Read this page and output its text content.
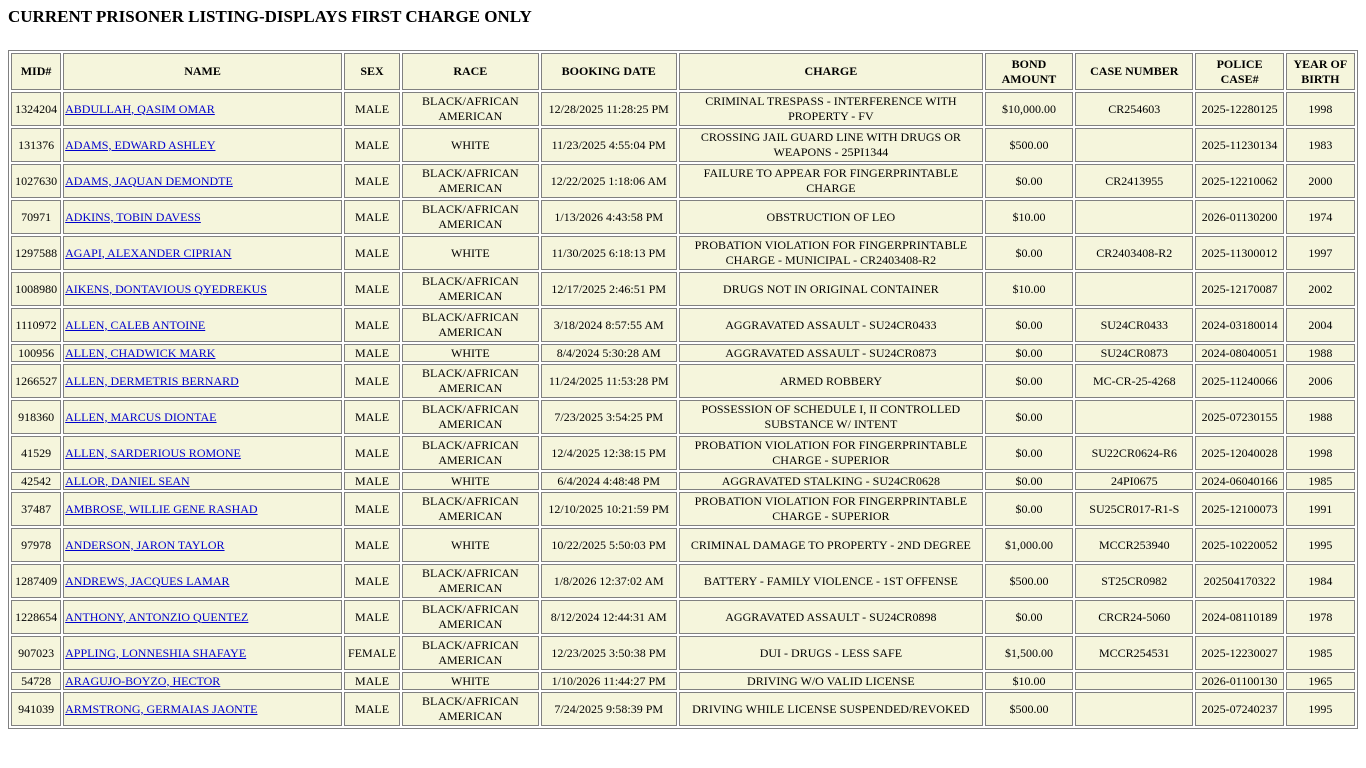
CURRENT PRISONER LISTING-DISPLAYS FIRST CHARGE ONLY
MID#	NAME	SEX	RACE	BOOKING DATE	CHARGE	BOND AMOUNT	CASE NUMBER	POLICE CASE#	YEAR OF BIRTH
1324204	ABDULLAH, QASIM OMAR	MALE	BLACK/AFRICAN AMERICAN	12/28/2025 11:28:25 PM	CRIMINAL TRESPASS - INTERFERENCE WITH PROPERTY - FV	$10,000.00	CR254603	2025-12280125	1998
131376	ADAMS, EDWARD ASHLEY	MALE	WHITE	11/23/2025 4:55:04 PM	CROSSING JAIL GUARD LINE WITH DRUGS OR WEAPONS - 25PI1344	$500.00		2025-11230134	1983
1027630	ADAMS, JAQUAN DEMONDTE	MALE	BLACK/AFRICAN AMERICAN	12/22/2025 1:18:06 AM	FAILURE TO APPEAR FOR FINGERPRINTABLE CHARGE	$0.00	CR2413955	2025-12210062	2000
70971	ADKINS, TOBIN DAVESS	MALE	BLACK/AFRICAN AMERICAN	1/13/2026 4:43:58 PM	OBSTRUCTION OF LEO	$10.00		2026-01130200	1974
1297588	AGAPI, ALEXANDER CIPRIAN	MALE	WHITE	11/30/2025 6:18:13 PM	PROBATION VIOLATION FOR FINGERPRINTABLE CHARGE - MUNICIPAL - CR2403408-R2	$0.00	CR2403408-R2	2025-11300012	1997
1008980	AIKENS, DONTAVIOUS QYEDREKUS	MALE	BLACK/AFRICAN AMERICAN	12/17/2025 2:46:51 PM	DRUGS NOT IN ORIGINAL CONTAINER	$10.00		2025-12170087	2002
1110972	ALLEN, CALEB ANTOINE	MALE	BLACK/AFRICAN AMERICAN	3/18/2024 8:57:55 AM	AGGRAVATED ASSAULT - SU24CR0433	$0.00	SU24CR0433	2024-03180014	2004
100956	ALLEN, CHADWICK MARK	MALE	WHITE	8/4/2024 5:30:28 AM	AGGRAVATED ASSAULT - SU24CR0873	$0.00	SU24CR0873	2024-08040051	1988
1266527	ALLEN, DERMETRIS BERNARD	MALE	BLACK/AFRICAN AMERICAN	11/24/2025 11:53:28 PM	ARMED ROBBERY	$0.00	MC-CR-25-4268	2025-11240066	2006
918360	ALLEN, MARCUS DIONTAE	MALE	BLACK/AFRICAN AMERICAN	7/23/2025 3:54:25 PM	POSSESSION OF SCHEDULE I, II CONTROLLED SUBSTANCE W/ INTENT	$0.00		2025-07230155	1988
41529	ALLEN, SARDERIOUS ROMONE	MALE	BLACK/AFRICAN AMERICAN	12/4/2025 12:38:15 PM	PROBATION VIOLATION FOR FINGERPRINTABLE CHARGE - SUPERIOR	$0.00	SU22CR0624-R6	2025-12040028	1998
42542	ALLOR, DANIEL SEAN	MALE	WHITE	6/4/2024 4:48:48 PM	AGGRAVATED STALKING - SU24CR0628	$0.00	24PI0675	2024-06040166	1985
37487	AMBROSE, WILLIE GENE RASHAD	MALE	BLACK/AFRICAN AMERICAN	12/10/2025 10:21:59 PM	PROBATION VIOLATION FOR FINGERPRINTABLE CHARGE - SUPERIOR	$0.00	SU25CR017-R1-S	2025-12100073	1991
97978	ANDERSON, JARON TAYLOR	MALE	WHITE	10/22/2025 5:50:03 PM	CRIMINAL DAMAGE TO PROPERTY - 2ND DEGREE	$1,000.00	MCCR253940	2025-10220052	1995
1287409	ANDREWS, JACQUES LAMAR	MALE	BLACK/AFRICAN AMERICAN	1/8/2026 12:37:02 AM	BATTERY - FAMILY VIOLENCE - 1ST OFFENSE	$500.00	ST25CR0982	202504170322	1984
1228654	ANTHONY, ANTONZIO QUENTEZ	MALE	BLACK/AFRICAN AMERICAN	8/12/2024 12:44:31 AM	AGGRAVATED ASSAULT - SU24CR0898	$0.00	CRCR24-5060	2024-08110189	1978
907023	APPLING, LONNESHIA SHAFAYE	FEMALE	BLACK/AFRICAN AMERICAN	12/23/2025 3:50:38 PM	DUI - DRUGS - LESS SAFE	$1,500.00	MCCR254531	2025-12230027	1985
54728	ARAGUJO-BOYZO, HECTOR	MALE	WHITE	1/10/2026 11:44:27 PM	DRIVING W/O VALID LICENSE	$10.00		2026-01100130	1965
941039	ARMSTRONG, GERMAIAS JAONTE	MALE	BLACK/AFRICAN AMERICAN	7/24/2025 9:58:39 PM	DRIVING WHILE LICENSE SUSPENDED/REVOKED	$500.00		2025-07240237	1995
